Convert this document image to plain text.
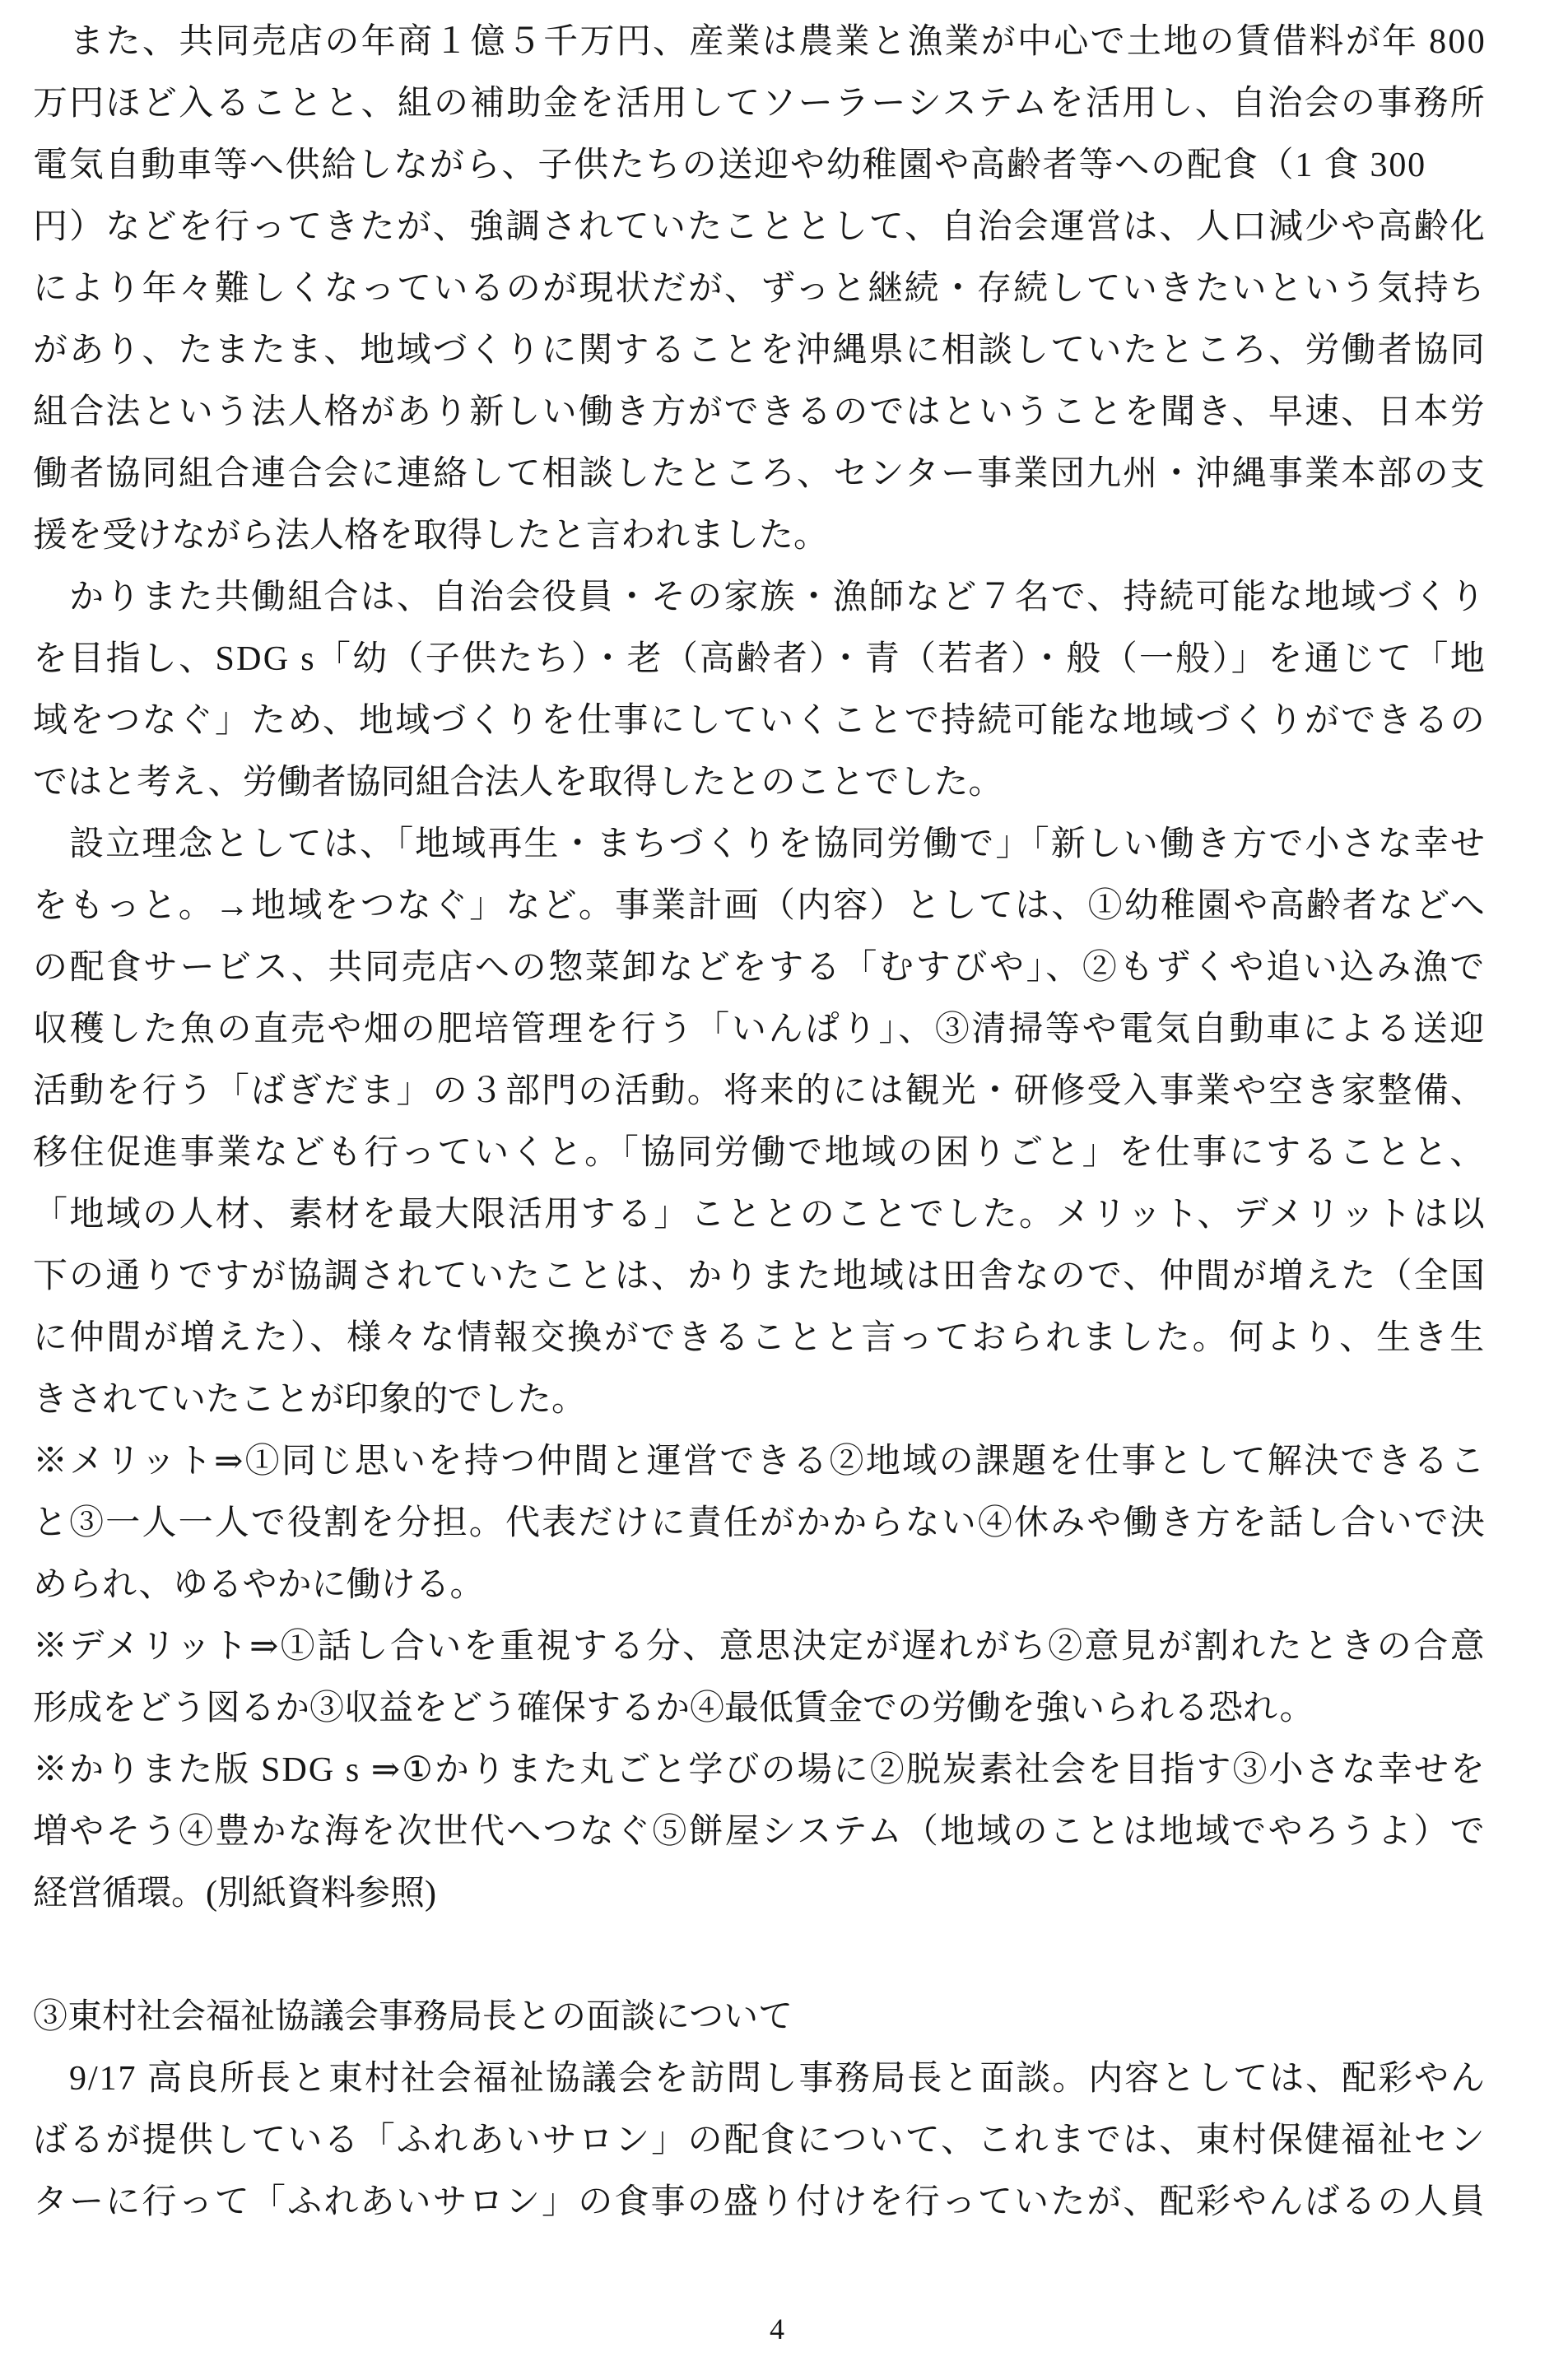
　また、共同売店の年商１億５千万円、産業は農業と漁業が中心で土地の賃借料が年 800
万円ほど入ることと、組の補助金を活用してソーラーシステムを活用し、自治会の事務所
電気自動車等へ供給しながら、子供たちの送迎や幼稚園や高齢者等への配食（1 食 300
円）などを行ってきたが、強調されていたこととして、自治会運営は、人口減少や高齢化
により年々難しくなっているのが現状だが、ずっと継続・存続していきたいという気持ち
があり、たまたま、地域づくりに関することを沖縄県に相談していたところ、労働者協同
組合法という法人格があり新しい働き方ができるのではということを聞き、早速、日本労
働者協同組合連合会に連絡して相談したところ、センター事業団九州・沖縄事業本部の支
援を受けながら法人格を取得したと言われました。
　かりまた共働組合は、自治会役員・その家族・漁師など７名で、持続可能な地域づくり
を目指し、SDG s「幼（子供たち）・老（高齢者）・青（若者）・般（一般）」を通じて「地
域をつなぐ」ため、地域づくりを仕事にしていくことで持続可能な地域づくりができるの
ではと考え、労働者協同組合法人を取得したとのことでした。
　設立理念としては、「地域再生・まちづくりを協同労働で」「新しい働き方で小さな幸せ
をもっと。→地域をつなぐ」など。事業計画（内容）としては、①幼稚園や高齢者などへ
の配食サービス、共同売店への惣菜卸などをする「むすびや」、②もずくや追い込み漁で
収穫した魚の直売や畑の肥培管理を行う「いんぱり」、③清掃等や電気自動車による送迎
活動を行う「ばぎだま」の３部門の活動。将来的には観光・研修受入事業や空き家整備、
移住促進事業なども行っていくと。「協同労働で地域の困りごと」を仕事にすることと、
「地域の人材、素材を最大限活用する」こととのことでした。メリット、デメリットは以
下の通りですが協調されていたことは、かりまた地域は田舎なので、仲間が増えた（全国
に仲間が増えた）、様々な情報交換ができることと言っておられました。何より、生き生
きされていたことが印象的でした。
※メリット⇒①同じ思いを持つ仲間と運営できる②地域の課題を仕事として解決できるこ
と③一人一人で役割を分担。代表だけに責任がかからない④休みや働き方を話し合いで決
められ、ゆるやかに働ける。
※デメリット⇒①話し合いを重視する分、意思決定が遅れがち②意見が割れたときの合意
形成をどう図るか③収益をどう確保するか④最低賃金での労働を強いられる恐れ。
※かりまた版 SDG s ⇒①かりまた丸ごと学びの場に②脱炭素社会を目指す③小さな幸せを
増やそう④豊かな海を次世代へつなぐ⑤餅屋システム（地域のことは地域でやろうよ）で
経営循環。(別紙資料参照)
③東村社会福祉協議会事務局長との面談について
　9/17 高良所長と東村社会福祉協議会を訪問し事務局長と面談。内容としては、配彩やん
ばるが提供している「ふれあいサロン」の配食について、これまでは、東村保健福祉セン
ターに行って「ふれあいサロン」の食事の盛り付けを行っていたが、配彩やんばるの人員
4
